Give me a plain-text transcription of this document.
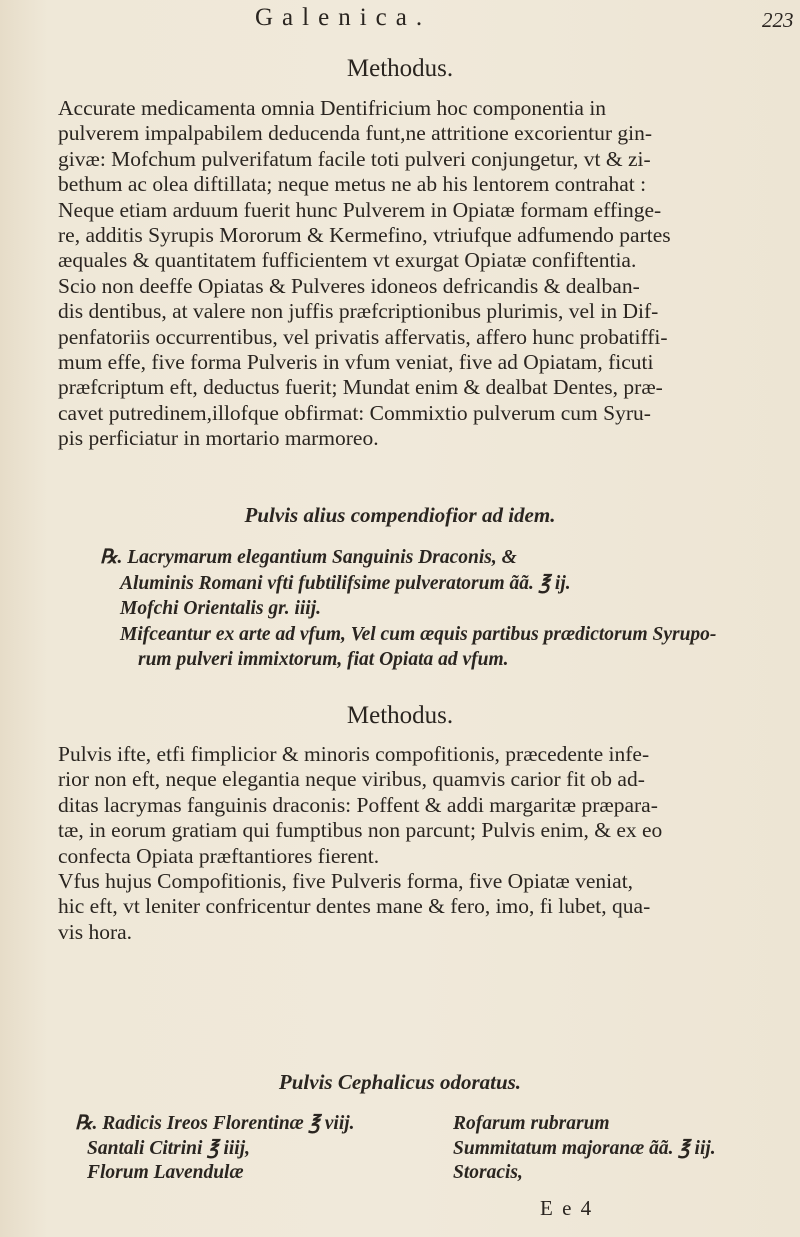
Galenica.	223
Methodus.

Accurate medicamenta omnia Dentifricium hoc componentia in

pulverem impalpabilem deducenda funt,ne attritione excorientur gin-

givæ: Mofchum pulverifatum facile toti pulveri conjungetur, vt & zi-

bethum ac olea diftillata; neque metus ne ab his lentorem contrahat :

Neque etiam arduum fuerit hunc Pulverem in Opiatæ formam effinge-

re, additis Syrupis Mororum & Kermefino, vtriufque adfumendo partes

æquales & quantitatem fufficientem vt exurgat Opiatæ confiftentia.

Scio non deeffe Opiatas & Pulveres idoneos defricandis & dealban-

dis dentibus, at valere non juffis præfcriptionibus plurimis, vel in Dif-

penfatoriis occurrentibus, vel privatis affervatis, affero hunc probatiffi-

mum effe, five forma Pulveris in vfum veniat, five ad Opiatam, ficuti

præfcriptum eft, deductus fuerit; Mundat enim & dealbat Dentes, præ-

cavet putredinem,illofque obfirmat: Commixtio pulverum cum Syru-

pis perficiatur in mortario marmoreo.

Pulvis alius compendiofior ad idem.
℞. Lacrymarum elegantium Sanguinis Draconis, &
Aluminis Romani vfti fubtilifsime pulveratorum ãã. ℥ ij.
Mofchi Orientalis gr. iiij.
Mifceantur ex arte ad vfum, Vel cum æquis partibus prædictorum Syrupo-
rum pulveri immixtorum, fiat Opiata ad vfum.
Methodus.

Pulvis ifte, etfi fimplicior & minoris compofitionis, præcedente infe-

rior non eft, neque elegantia neque viribus, quamvis carior fit ob ad-

ditas lacrymas fanguinis draconis: Poffent & addi margaritæ præpara-

tæ, in eorum gratiam qui fumptibus non parcunt; Pulvis enim, & ex eo

confecta Opiata præftantiores fierent.

Vfus hujus Compofitionis, five Pulveris forma, five Opiatæ veniat,

hic eft, vt leniter confricentur dentes mane & fero, imo, fi lubet, qua-

vis hora.

Pulvis Cephalicus odoratus.
℞. Radicis Ireos Florentinæ ℥ viij.
Santali Citrini ℥ iiij,
Florum Lavendulæ
Rofarum rubrarum
Summitatum majoranæ ãã. ℥ iij.
Storacis,
E e 4
